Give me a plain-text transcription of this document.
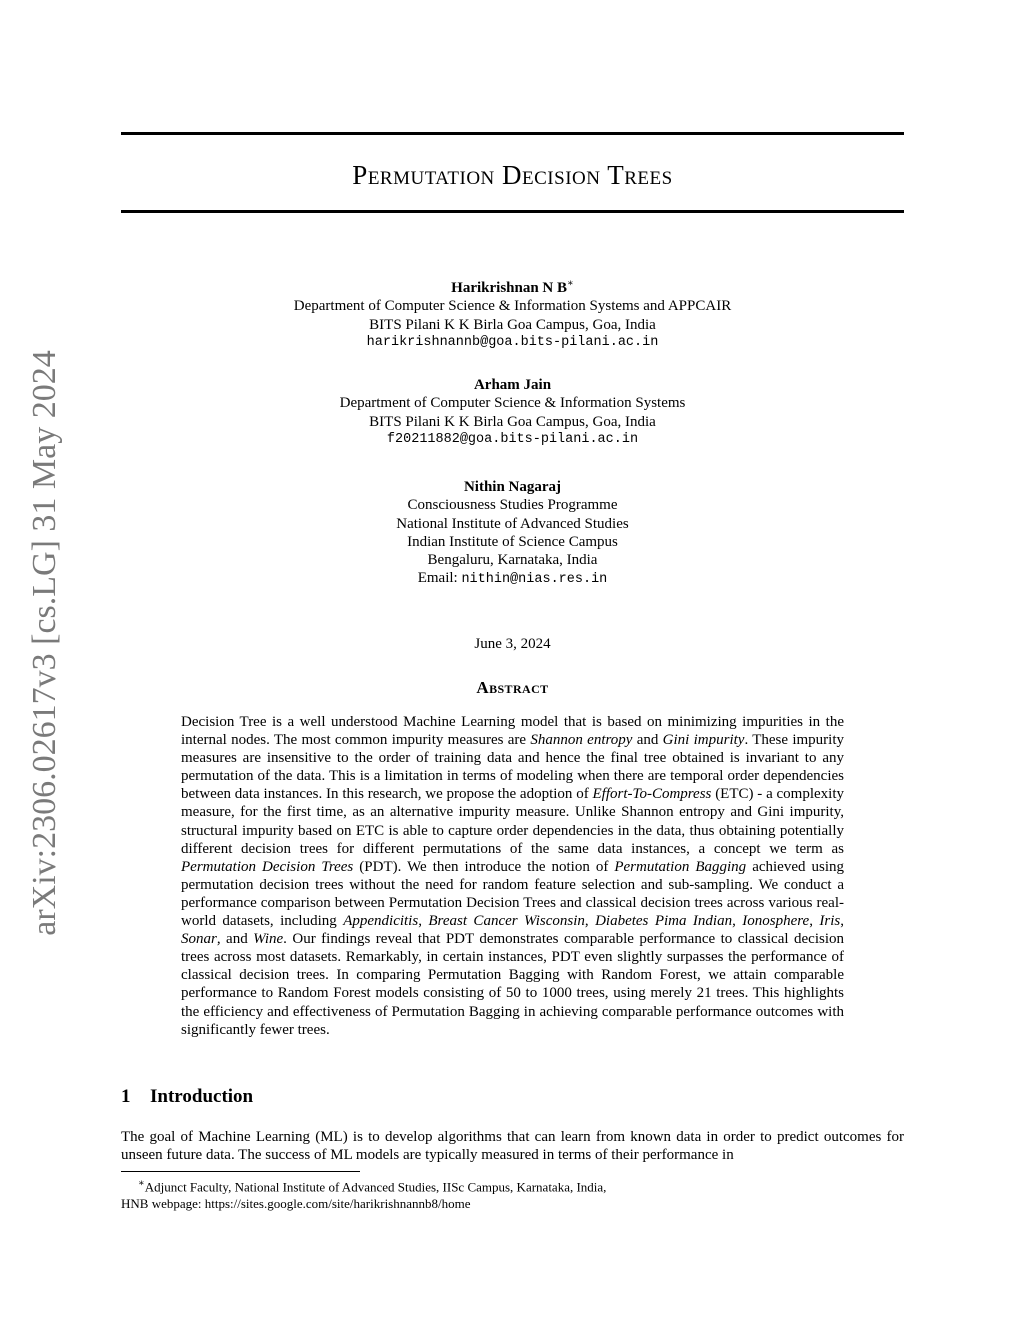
arXiv:2306.02617v3 [cs.LG] 31 May 2024
Permutation Decision Trees
Harikrishnan N B∗
Department of Computer Science & Information Systems and APPCAIR
BITS Pilani K K Birla Goa Campus, Goa, India
harikrishnannb@goa.bits-pilani.ac.in
Arham Jain
Department of Computer Science & Information Systems
BITS Pilani K K Birla Goa Campus, Goa, India
f20211882@goa.bits-pilani.ac.in
Nithin Nagaraj
Consciousness Studies Programme
National Institute of Advanced Studies
Indian Institute of Science Campus
Bengaluru, Karnataka, India
Email: nithin@nias.res.in
June 3, 2024
Abstract
Decision Tree is a well understood Machine Learning model that is based on minimizing impurities in the internal nodes. The most common impurity measures are Shannon entropy and Gini impurity. These impurity measures are insensitive to the order of training data and hence the final tree obtained is invariant to any permutation of the data. This is a limitation in terms of modeling when there are temporal order dependencies between data instances. In this research, we propose the adoption of Effort-To-Compress (ETC) - a complexity measure, for the first time, as an alternative impurity measure. Unlike Shannon entropy and Gini impurity, structural impurity based on ETC is able to capture order dependencies in the data, thus obtaining potentially different decision trees for different permutations of the same data instances, a concept we term as Permutation Decision Trees (PDT). We then introduce the notion of Permutation Bagging achieved using permutation decision trees without the need for random feature selection and sub-sampling. We conduct a performance comparison between Permutation Decision Trees and classical decision trees across various real-world datasets, including Appendicitis, Breast Cancer Wisconsin, Diabetes Pima Indian, Ionosphere, Iris, Sonar, and Wine. Our findings reveal that PDT demonstrates comparable performance to classical decision trees across most datasets. Remarkably, in certain instances, PDT even slightly surpasses the performance of classical decision trees. In comparing Permutation Bagging with Random Forest, we attain comparable performance to Random Forest models consisting of 50 to 1000 trees, using merely 21 trees. This highlights the efficiency and effectiveness of Permutation Bagging in achieving comparable performance outcomes with significantly fewer trees.
1 Introduction
The goal of Machine Learning (ML) is to develop algorithms that can learn from known data in order to predict outcomes for unseen future data. The success of ML models are typically measured in terms of their performance in
∗Adjunct Faculty, National Institute of Advanced Studies, IISc Campus, Karnataka, India,
HNB webpage: https://sites.google.com/site/harikrishnannb8/home
